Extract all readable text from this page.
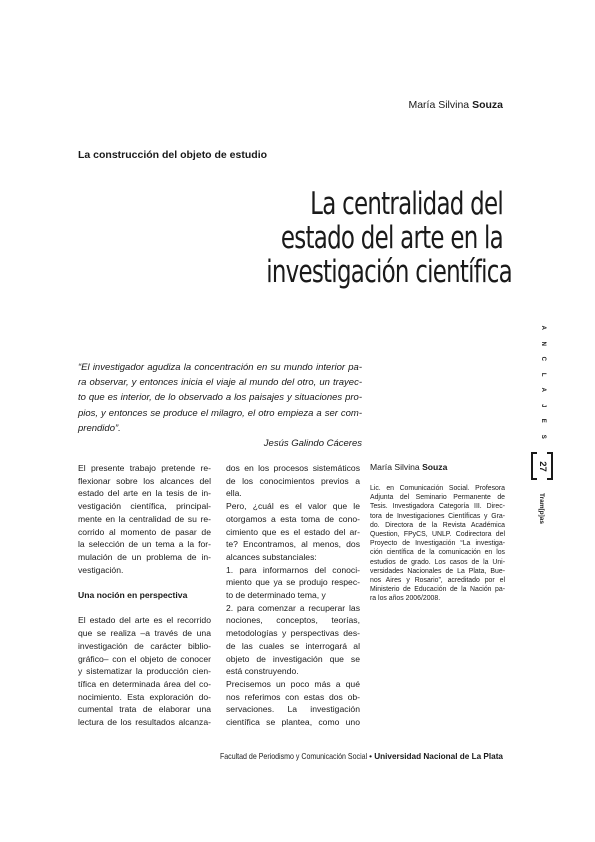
María Silvina Souza
La construcción del objeto de estudio
La centralidad del
estado del arte en la
investigación científica
“El investigador agudiza la concentración en su mundo interior pa-
ra observar, y entonces inicia el viaje al mundo del otro, un trayec-
to que es interior, de lo observado a los paisajes y situaciones pro-
pios, y entonces se produce el milagro, el otro empieza a ser com-
prendido”.
Jesús Galindo Cáceres
El presente trabajo pretende re-
flexionar sobre los alcances del
estado del arte en la tesis de in-
vestigación científica, principal-
mente en la centralidad de su re-
corrido al momento de pasar de
la selección de un tema a la for-
mulación de un problema de in-
vestigación.
Una noción en perspectiva
El estado del arte es el recorrido
que se realiza –a través de una
investigación de carácter biblio-
gráfico– con el objeto de conocer
y sistematizar la producción cien-
tífica en determinada área del co-
nocimiento. Esta exploración do-
cumental trata de elaborar una
lectura de los resultados alcanza-
dos en los procesos sistemáticos
de los conocimientos previos a
ella.
Pero, ¿cuál es el valor que le
otorgamos a esta toma de cono-
cimiento que es el estado del ar-
te? Encontramos, al menos, dos
alcances substanciales:
1. para informarnos del conoci-
miento que ya se produjo respec-
to de determinado tema, y
2. para comenzar a recuperar las
nociones, conceptos, teorías,
metodologías y perspectivas des-
de las cuales se interrogará al
objeto de investigación que se
está construyendo.
Precisemos un poco más a qué
nos referimos con estas dos ob-
servaciones. La investigación
científica se plantea, como uno
María Silvina Souza
Lic. en Comunicación Social. Profesora
Adjunta del Seminario Permanente de
Tesis. Investigadora Categoría III. Direc-
tora de Investigaciones Científicas y Gra-
do. Directora de la Revista Académica
Question, FPyCS, UNLP. Codirectora del
Proyecto de Investigación “La investiga-
ción científica de la comunicación en los
estudios de grado. Los casos de la Uni-
versidades Nacionales de La Plata, Bue-
nos Aires y Rosario”, acreditado por el
Ministerio de Educación de la Nación pa-
ra los años 2006/2008.
A
N
C
L
A
J
E
S
27
Tram[p]as
Facultad de Periodismo y Comunicación Social • Universidad Nacional de La Plata
